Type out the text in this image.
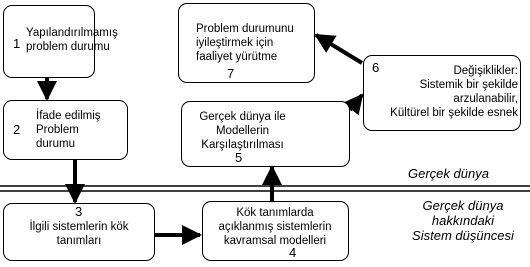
1
Yapılandırılmamış
problem durumu
2
İfade edilmiş
Problem
durumu
3
İlgili sistemlerin kök
tanımları
Kök tanımlarda
açıklanmış sistemlerin
kavramsal modelleri
4
Gerçek dünya ile
Modellerin
Karşılaştırılması
5
6	Değişiklikler:
Sistemik bir şekilde
arzulanabilir,
Kültürel bir şekilde esnek
Problem durumunu
iyileştirmek için
faaliyet yürütme
7
Gerçek dünya
Gerçek dünya
hakkındaki
Sistem düşüncesi
